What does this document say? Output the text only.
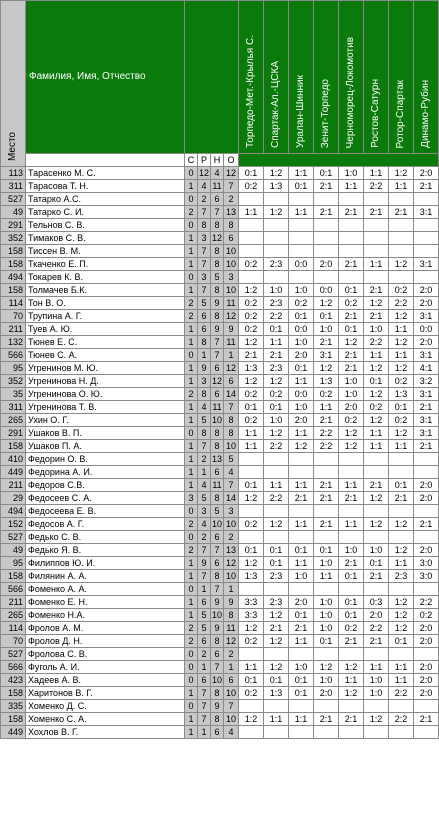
Место	Фамилия, Имя, Отчество					Торпедо-Мет.-Крылья С.	Спартак-Ал.-ЦСКА	Уралан-Шинник	Зенит-Торпедо	Черноморец-Локомотив	Ростов-Сатурн	Ротор-Спартак	Динамо-Рубин
		С	Р	Н	О								
113	Тарасенко М. С.	0	12	4	12	0:1	1:2	1:1	0:1	1:0	1:1	1:2	2:0
311	Тарасова Т. Н.	1	4	11	7	0:2	1:3	0:1	2:1	1:1	2:2	1:1	2:1
527	Татарко А.С.	0	2	6	2								
49	Татарко С. И.	2	7	7	13	1:1	1:2	1:1	2:1	2:1	2:1	2:1	3:1
291	Тельнов С. В.	0	8	8	8								
352	Тимаков С. В.	1	3	12	6								
158	Тиссен В. М.	1	7	8	10								
158	Ткаченко Е. П.	1	7	8	10	0:2	2:3	0:0	2:0	2:1	1:1	1:2	3:1
494	Токарев К. В.	0	3	5	3								
158	Толмачев Б.К.	1	7	8	10	1:2	1:0	1:0	0:0	0:1	2:1	0:2	2:0
114	Тон В. О.	2	5	9	11	0:2	2:3	0:2	1:2	0:2	1:2	2:2	2:0
70	Трупина А. Г.	2	6	8	12	0:2	2:2	0:1	0:1	2:1	2:1	1:2	3:1
211	Туев А. Ю.	1	6	9	9	0:2	0:1	0:0	1:0	0:1	1:0	1:1	0:0
132	Тюнев Е. С.	1	8	7	11	1:2	1:1	1:0	2:1	1:2	2:2	1:2	2:0
566	Тюнев С. А.	0	1	7	1	2:1	2:1	2:0	3:1	2:1	1:1	1:1	3:1
95	Угренинов М. Ю.	1	9	6	12	1:3	2:3	0:1	1:2	2:1	1:2	1:2	4:1
352	Угренинова Н. Д.	1	3	12	6	1:2	1:2	1:1	1:3	1:0	0:1	0:2	3:2
35	Угренинова О. Ю.	2	8	6	14	0:2	0:2	0:0	0:2	1:0	1:2	1:3	3:1
311	Угренинова Т. В.	1	4	11	7	0:1	0:1	1:0	1:1	2:0	0:2	0:1	2:1
265	Ухин О. Г.	1	5	10	8	0:2	1:0	2:0	2:1	0:2	1:2	0:2	3:1
291	Ушаков В. П.	0	8	8	8	1:1	1:2	1:1	2:2	1:2	1:1	1:2	3:1
158	Ушаков П. А.	1	7	8	10	1:1	2:2	1:2	2:2	1:2	1:1	1:1	2:1
410	Федорин О. В.	1	2	13	5								
449	Федорина А. И.	1	1	6	4								
211	Федоров С.В.	1	4	11	7	0:1	1:1	1:1	2:1	1:1	2:1	0:1	2:0
29	Федосеев С. А.	3	5	8	14	1:2	2:2	2:1	2:1	2:1	1:2	2:1	2:0
494	Федосеева Е. В.	0	3	5	3								
152	Федосов А. Г.	2	4	10	10	0:2	1:2	1:1	2:1	1:1	1:2	1:2	2:1
527	Федько С. В.	0	2	6	2								
49	Федько Я. В.	2	7	7	13	0:1	0:1	0:1	0:1	1:0	1:0	1:2	2:0
95	Филиппов Ю. И.	1	9	6	12	1:2	0:1	1:1	1:0	2:1	0:1	1:1	3:0
158	Филянин А. А.	1	7	8	10	1:3	2:3	1:0	1:1	0:1	2:1	2:3	3:0
566	Фоменко А. А.	0	1	7	1								
211	Фоменко Е. Н.	1	6	9	9	3:3	2:3	2:0	1:0	0:1	0:3	1:2	2:2
265	Фоменко Н.А.	1	5	10	8	3:3	1:2	0:1	1:0	0:1	2:0	1:2	0:2
114	Фролов А. М.	2	5	9	11	1:2	2:1	2:1	1:0	0:2	2:2	1:2	2:0
70	Фролов Д. Н.	2	6	8	12	0:2	1:2	1:1	0:1	2:1	2:1	0:1	2:0
527	Фролова С. В.	0	2	6	2								
566	Фуголь А. И.	0	1	7	1	1:1	1:2	1:0	1:2	1:2	1:1	1:1	2:0
423	Хадеев А. В.	0	6	10	6	0:1	0:1	0:1	1:0	1:1	1:0	1:1	2:0
158	Харитонов В. Г.	1	7	8	10	0:2	1:3	0:1	2:0	1:2	1:0	2:2	2:0
335	Хоменко Д. С.	0	7	9	7								
158	Хоменко С. А.	1	7	8	10	1:2	1:1	1:1	2:1	2:1	1:2	2:2	2:1
449	Хохлов В. Г.	1	1	6	4								
